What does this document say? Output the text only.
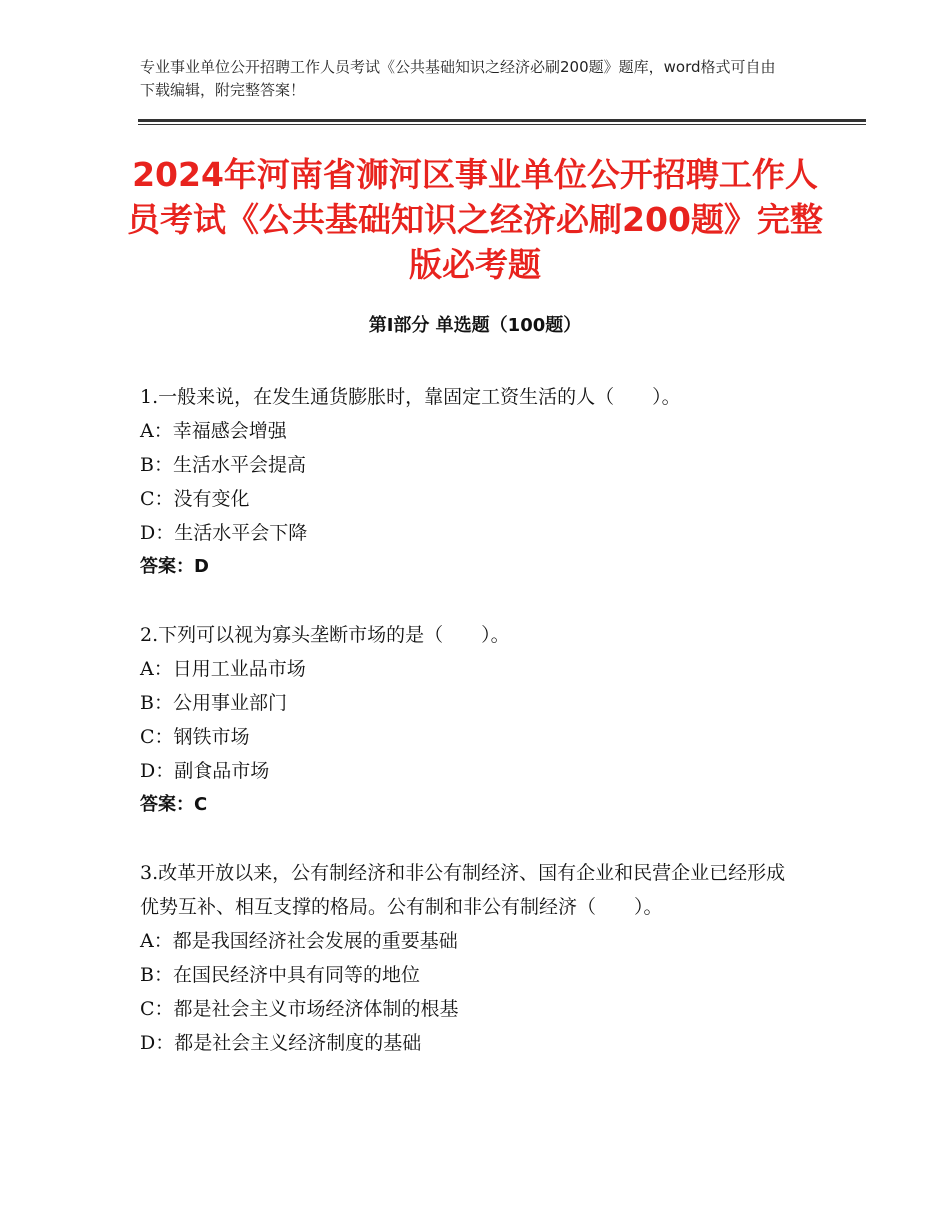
专业事业单位公开招聘工作人员考试《公共基础知识之经济必刷200题》题库，word格式可自由下载编辑，附完整答案！
2024年河南省浉河区事业单位公开招聘工作人员考试《公共基础知识之经济必刷200题》完整版必考题
第Ⅰ部分 单选题（100题）

1.一般来说，在发生通货膨胀时，靠固定工资生活的人（　　）。

A：幸福感会增强

B：生活水平会提高

C：没有变化

D：生活水平会下降

答案：D

2.下列可以视为寡头垄断市场的是（　　）。

A：日用工业品市场

B：公用事业部门

C：钢铁市场

D：副食品市场

答案：C

3.改革开放以来，公有制经济和非公有制经济、国有企业和民营企业已经形成优势互补、相互支撑的格局。公有制和非公有制经济（　　）。

A：都是我国经济社会发展的重要基础

B：在国民经济中具有同等的地位

C：都是社会主义市场经济体制的根基

D：都是社会主义经济制度的基础
